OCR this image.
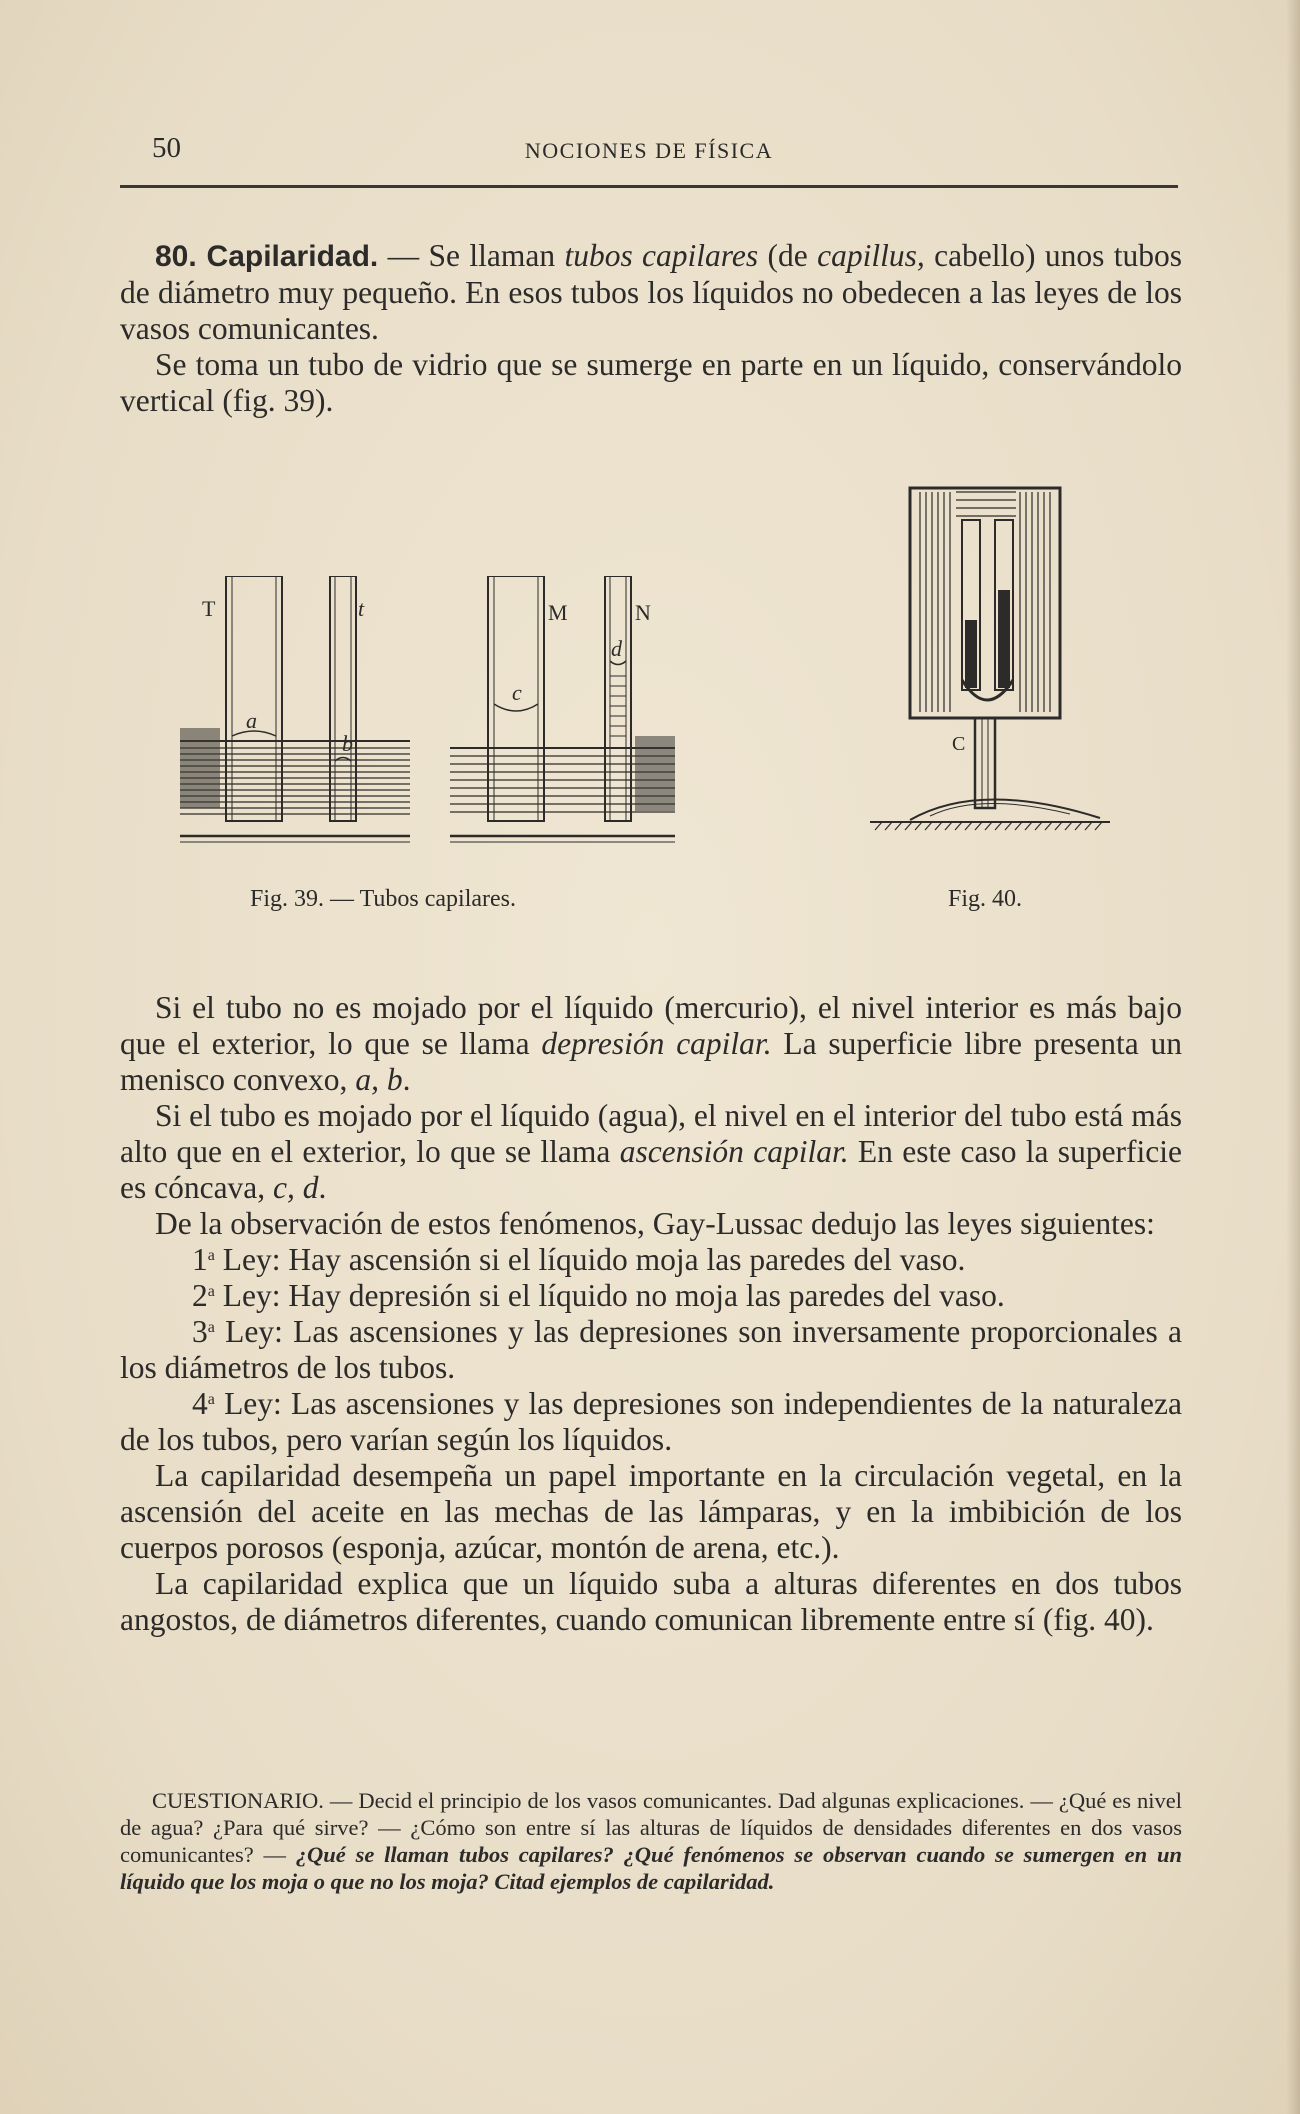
50	NOCIONES DE FÍSICA
80. Capilaridad. — Se llaman tubos capilares (de capillus, cabello) unos tubos de diámetro muy pequeño. En esos tubos los líquidos no obedecen a las leyes de los vasos comunicantes.
Se toma un tubo de vidrio que se sumerge en parte en un líquido, conservándolo vertical (fig. 39).
T	t
a
b
M	N
c
d
C
Fig. 39. — Tubos capilares.	Fig. 40.

Si el tubo no es mojado por el líquido (mercurio), el nivel interior es más bajo que el exterior, lo que se llama depresión capilar. La superficie libre presenta un menisco convexo, a, b.

Si el tubo es mojado por el líquido (agua), el nivel en el interior del tubo está más alto que en el exterior, lo que se llama ascensión capilar. En este caso la superficie es cóncava, c, d.

De la observación de estos fenómenos, Gay-Lussac dedujo las leyes siguientes:

1$^a$ Ley: Hay ascensión si el líquido moja las paredes del vaso.

2$^a$ Ley: Hay depresión si el líquido no moja las paredes del vaso.

3$^a$ Ley: Las ascensiones y las depresiones son inversamente proporcionales a los diámetros de los tubos.

4$^a$ Ley: Las ascensiones y las depresiones son independientes de la naturaleza de los tubos, pero varían según los líquidos.

La capilaridad desempeña un papel importante en la circulación vegetal, en la ascensión del aceite en las mechas de las lámparas, y en la imbibición de los cuerpos porosos (esponja, azúcar, montón de arena, etc.).

La capilaridad explica que un líquido suba a alturas diferentes en dos tubos angostos, de diámetros diferentes, cuando comunican libremente entre sí (fig. 40).

CUESTIONARIO. — Decid el principio de los vasos comunicantes. Dad algunas explicaciones. — ¿Qué es nivel de agua? ¿Para qué sirve? — ¿Cómo son entre sí las alturas de líquidos de densidades diferentes en dos vasos comunicantes? — ¿Qué se llaman tubos capilares? ¿Qué fenómenos se observan cuando se sumergen en un líquido que los moja o que no los moja? Citad ejemplos de capilaridad.
